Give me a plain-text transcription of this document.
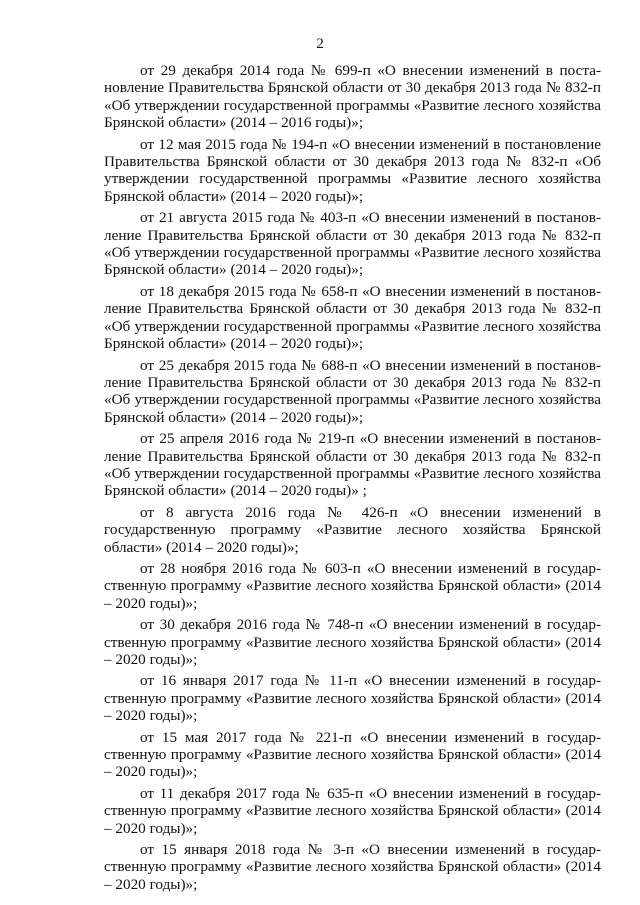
2

от 29 декабря 2014 года № 699-п «О внесении изменений в постановление Правительства Брянской области от 30 декабря 2013 года № 832-п «Об утверждении государственной программы «Развитие лесного хозяйства Брянской области» (2014 – 2016 годы)»;

от 12 мая 2015 года № 194-п «О внесении изменений в постановление Правительства Брянской области от 30 декабря 2013 года № 832-п «Об утверждении государственной программы «Развитие лесного хозяйства Брянской области» (2014 – 2020 годы)»;

от 21 августа 2015 года № 403-п «О внесении изменений в постановление Правительства Брянской области от 30 декабря 2013 года № 832-п «Об утверждении государственной программы «Развитие лесного хозяйства Брянской области» (2014 – 2020 годы)»;

от 18 декабря 2015 года № 658-п «О внесении изменений в постановление Правительства Брянской области от 30 декабря 2013 года № 832-п «Об утверждении государственной программы «Развитие лесного хозяйства Брянской области» (2014 – 2020 годы)»;

от 25 декабря 2015 года № 688-п «О внесении изменений в постановление Правительства Брянской области от 30 декабря 2013 года № 832-п «Об утверждении государственной программы «Развитие лесного хозяйства Брянской области» (2014 – 2020 годы)»;

от 25 апреля 2016 года № 219-п «О внесении изменений в постановление Правительства Брянской области от 30 декабря 2013 года № 832-п «Об утверждении государственной программы «Развитие лесного хозяйства Брянской области» (2014 – 2020 годы)» ;

от 8 августа 2016 года № 426-п «О внесении изменений в государственную программу «Развитие лесного хозяйства Брянской области» (2014 – 2020 годы)»;

от 28 ноября 2016 года № 603-п «О внесении изменений в государственную программу «Развитие лесного хозяйства Брянской области» (2014 – 2020 годы)»;

от 30 декабря 2016 года № 748-п «О внесении изменений в государственную программу «Развитие лесного хозяйства Брянской области» (2014 – 2020 годы)»;

от 16 января 2017 года № 11-п «О внесении изменений в государственную программу «Развитие лесного хозяйства Брянской области» (2014 – 2020 годы)»;

от 15 мая 2017 года № 221-п «О внесении изменений в государственную программу «Развитие лесного хозяйства Брянской области» (2014 – 2020 годы)»;

от 11 декабря 2017 года № 635-п «О внесении изменений в государственную программу «Развитие лесного хозяйства Брянской области» (2014 – 2020 годы)»;

от 15 января 2018 года № 3-п «О внесении изменений в государственную программу «Развитие лесного хозяйства Брянской области» (2014 – 2020 годы)»;
